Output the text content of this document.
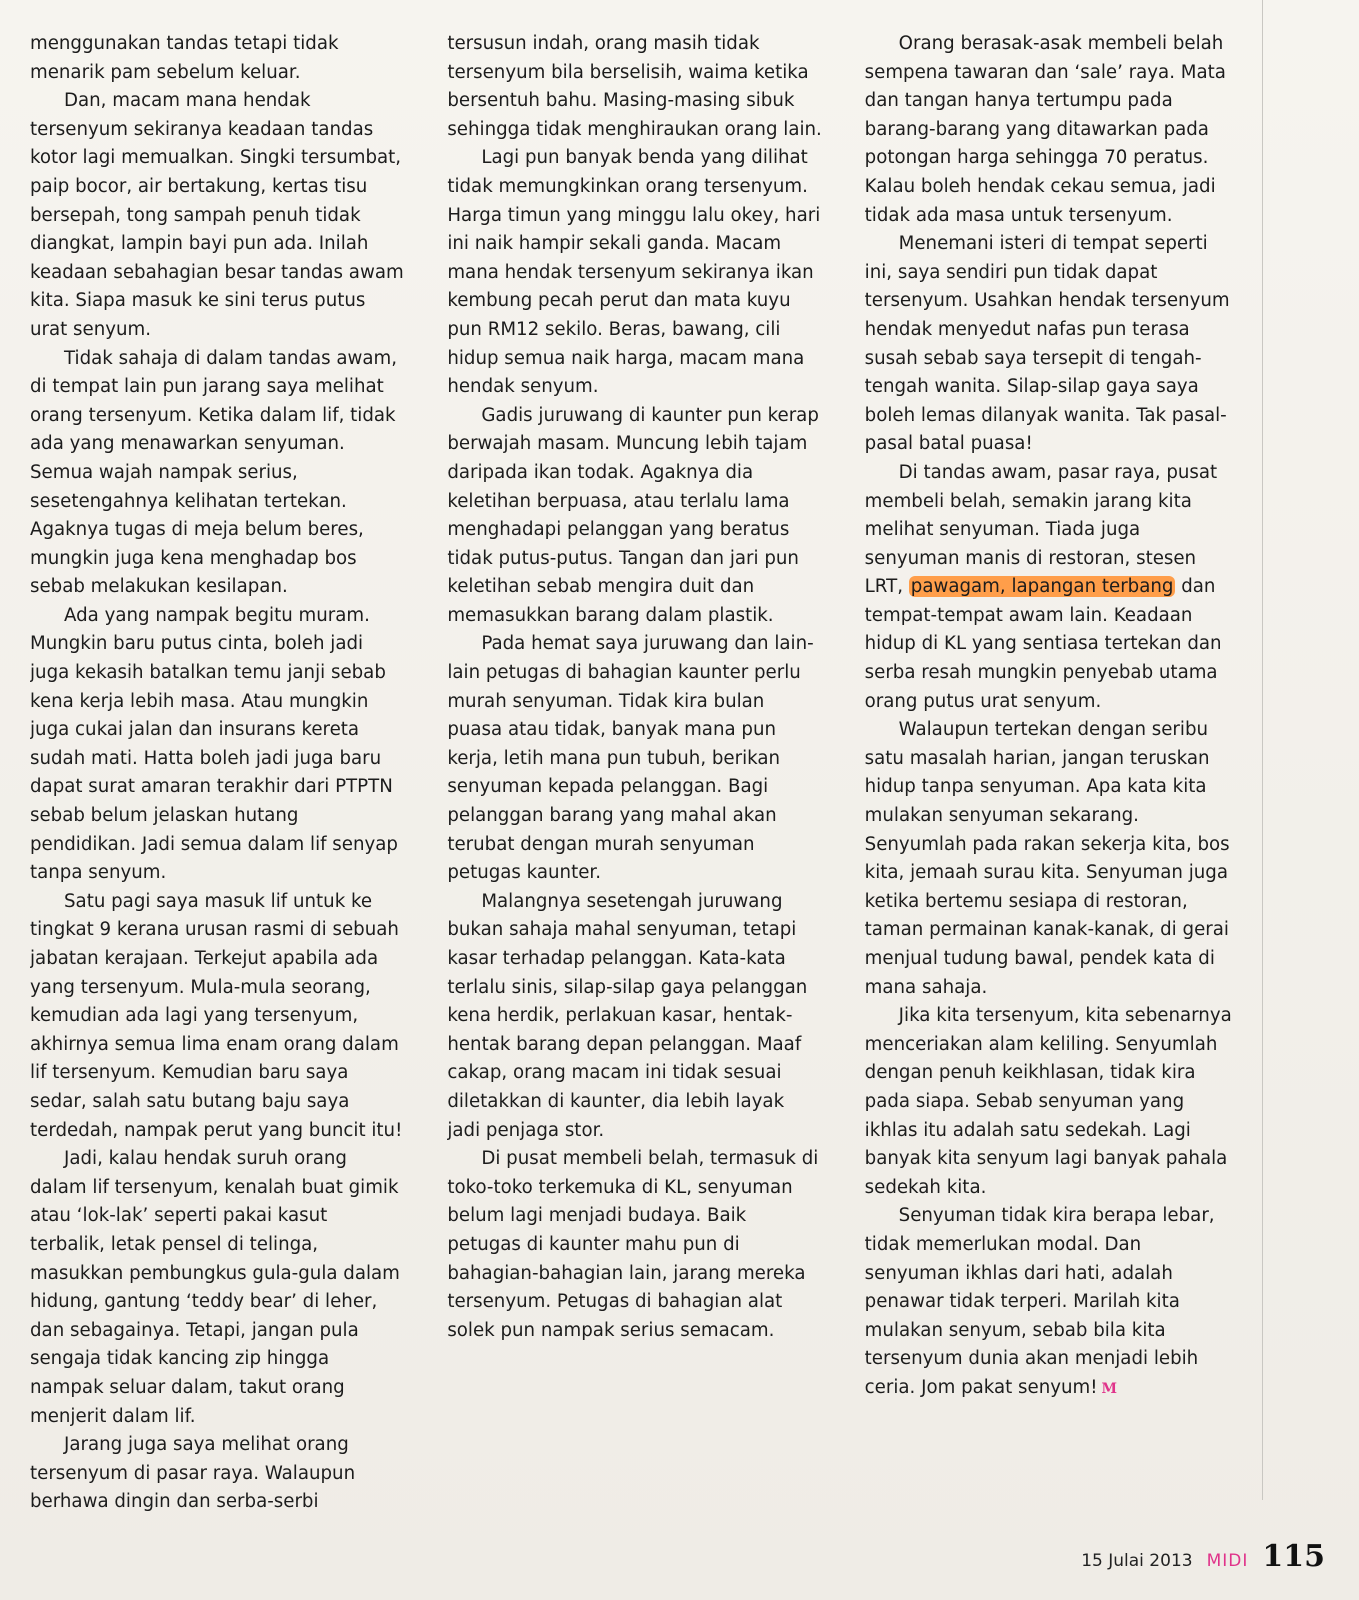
menggunakan tandas tetapi tidak menarik pam sebelum keluar.

Dan, macam mana hendak tersenyum sekiranya keadaan tandas kotor lagi memualkan. Singki tersumbat, paip bocor, air bertakung, kertas tisu bersepah, tong sampah penuh tidak diangkat, lampin bayi pun ada. Inilah keadaan sebahagian besar tandas awam kita. Siapa masuk ke sini terus putus urat senyum.

Tidak sahaja di dalam tandas awam, di tempat lain pun jarang saya melihat orang tersenyum. Ketika dalam lif, tidak ada yang menawarkan senyuman. Semua wajah nampak serius, sesetengahnya kelihatan tertekan. Agaknya tugas di meja belum beres, mungkin juga kena menghadap bos sebab melakukan kesilapan.

Ada yang nampak begitu muram. Mungkin baru putus cinta, boleh jadi juga kekasih batalkan temu janji sebab kena kerja lebih masa. Atau mungkin juga cukai jalan dan insurans kereta sudah mati. Hatta boleh jadi juga baru dapat surat amaran terakhir dari PTPTN sebab belum jelaskan hutang pendidikan. Jadi semua dalam lif senyap tanpa senyum.

Satu pagi saya masuk lif untuk ke tingkat 9 kerana urusan rasmi di sebuah jabatan kerajaan. Terkejut apabila ada yang tersenyum. Mula-mula seorang, kemudian ada lagi yang tersenyum, akhirnya semua lima enam orang dalam lif tersenyum. Kemudian baru saya sedar, salah satu butang baju saya terdedah, nampak perut yang buncit itu!

Jadi, kalau hendak suruh orang dalam lif tersenyum, kenalah buat gimik atau ‘lok-lak’ seperti pakai kasut terbalik, letak pensel di telinga, masukkan pembungkus gula-gula dalam hidung, gantung ‘teddy bear’ di leher, dan sebagainya. Tetapi, jangan pula sengaja tidak kancing zip hingga nampak seluar dalam, takut orang menjerit dalam lif.

Jarang juga saya melihat orang tersenyum di pasar raya. Walaupun berhawa dingin dan serba-serbi

tersusun indah, orang masih tidak tersenyum bila berselisih, waima ketika bersentuh bahu. Masing-masing sibuk sehingga tidak menghiraukan orang lain.

Lagi pun banyak benda yang dilihat tidak memungkinkan orang tersenyum. Harga timun yang minggu lalu okey, hari ini naik hampir sekali ganda. Macam mana hendak tersenyum sekiranya ikan kembung pecah perut dan mata kuyu pun RM12 sekilo. Beras, bawang, cili hidup semua naik harga, macam mana hendak senyum.

Gadis juruwang di kaunter pun kerap berwajah masam. Muncung lebih tajam daripada ikan todak. Agaknya dia keletihan berpuasa, atau terlalu lama menghadapi pelanggan yang beratus tidak putus-putus. Tangan dan jari pun keletihan sebab mengira duit dan memasukkan barang dalam plastik.

Pada hemat saya juruwang dan lain-lain petugas di bahagian kaunter perlu murah senyuman. Tidak kira bulan puasa atau tidak, banyak mana pun kerja, letih mana pun tubuh, berikan senyuman kepada pelanggan. Bagi pelanggan barang yang mahal akan terubat dengan murah senyuman petugas kaunter.

Malangnya sesetengah juruwang bukan sahaja mahal senyuman, tetapi kasar terhadap pelanggan. Kata-kata terlalu sinis, silap-silap gaya pelanggan kena herdik, perlakuan kasar, hentak-hentak barang depan pelanggan. Maaf cakap, orang macam ini tidak sesuai diletakkan di kaunter, dia lebih layak jadi penjaga stor.

Di pusat membeli belah, termasuk di toko-toko terkemuka di KL, senyuman belum lagi menjadi budaya. Baik petugas di kaunter mahu pun di bahagian-bahagian lain, jarang mereka tersenyum. Petugas di bahagian alat solek pun nampak serius semacam.

Orang berasak-asak membeli belah sempena tawaran dan ‘sale’ raya. Mata dan tangan hanya tertumpu pada barang-barang yang ditawarkan pada potongan harga sehingga 70 peratus. Kalau boleh hendak cekau semua, jadi tidak ada masa untuk tersenyum.

Menemani isteri di tempat seperti ini, saya sendiri pun tidak dapat tersenyum. Usahkan hendak tersenyum hendak menyedut nafas pun terasa susah sebab saya tersepit di tengah-tengah wanita. Silap-silap gaya saya boleh lemas dilanyak wanita. Tak pasal-pasal batal puasa!

Di tandas awam, pasar raya, pusat membeli belah, semakin jarang kita melihat senyuman. Tiada juga senyuman manis di restoran, stesen LRT, pawagam, lapangan terbang dan tempat-tempat awam lain. Keadaan hidup di KL yang sentiasa tertekan dan serba resah mungkin penyebab utama orang putus urat senyum.

Walaupun tertekan dengan seribu satu masalah harian, jangan teruskan hidup tanpa senyuman. Apa kata kita mulakan senyuman sekarang. Senyumlah pada rakan sekerja kita, bos kita, jemaah surau kita. Senyuman juga ketika bertemu sesiapa di restoran, taman permainan kanak-kanak, di gerai menjual tudung bawal, pendek kata di mana sahaja.

Jika kita tersenyum, kita sebenarnya menceriakan alam keliling. Senyumlah dengan penuh keikhlasan, tidak kira pada siapa. Sebab senyuman yang ikhlas itu adalah satu sedekah. Lagi banyak kita senyum lagi banyak pahala sedekah kita.

Senyuman tidak kira berapa lebar, tidak memerlukan modal. Dan senyuman ikhlas dari hati, adalah penawar tidak terperi. Marilah kita mulakan senyum, sebab bila kita tersenyum dunia akan menjadi lebih ceria. Jom pakat senyum! M

15 Julai 2013 MIDI 115
